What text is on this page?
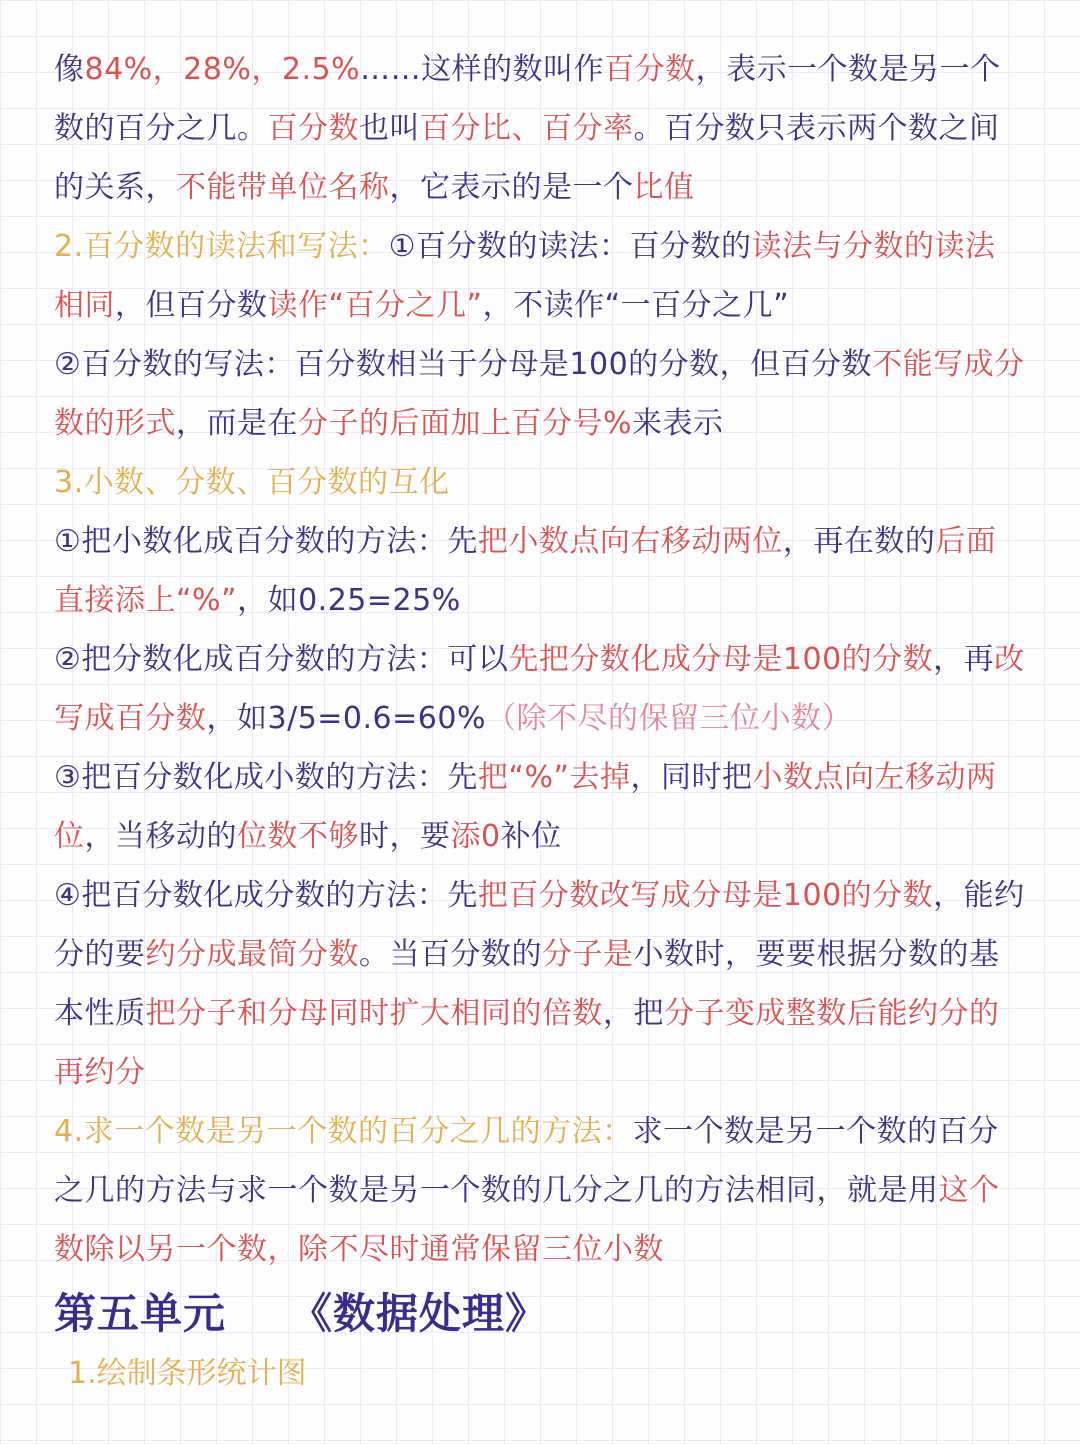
像84%，28%，2.5%……这样的数叫作百分数，表示一个数是另一个数的百分之几。百分数也叫百分比、百分率。百分数只表示两个数之间的关系，不能带单位名称，它表示的是一个比值
2.百分数的读法和写法：①百分数的读法：百分数的读法与分数的读法相同，但百分数读作“百分之几”，不读作“一百分之几”
②百分数的写法：百分数相当于分母是100的分数，但百分数不能写成分数的形式，而是在分子的后面加上百分号%来表示
3.小数、分数、百分数的互化
①把小数化成百分数的方法：先把小数点向右移动两位，再在数的后面直接添上“%”，如0.25=25%
②把分数化成百分数的方法：可以先把分数化成分母是100的分数，再改写成百分数，如3/5=0.6=60%（除不尽的保留三位小数）
③把百分数化成小数的方法：先把“%”去掉，同时把小数点向左移动两位，当移动的位数不够时，要添0补位
④把百分数化成分数的方法：先把百分数改写成分母是100的分数，能约分的要约分成最简分数。当百分数的分子是小数时，要要根据分数的基本性质把分子和分母同时扩大相同的倍数，把分子变成整数后能约分的再约分
4.求一个数是另一个数的百分之几的方法：求一个数是另一个数的百分之几的方法与求一个数是另一个数的几分之几的方法相同，就是用这个数除以另一个数，除不尽时通常保留三位小数
第五单元 《数据处理》
1.绘制条形统计图
